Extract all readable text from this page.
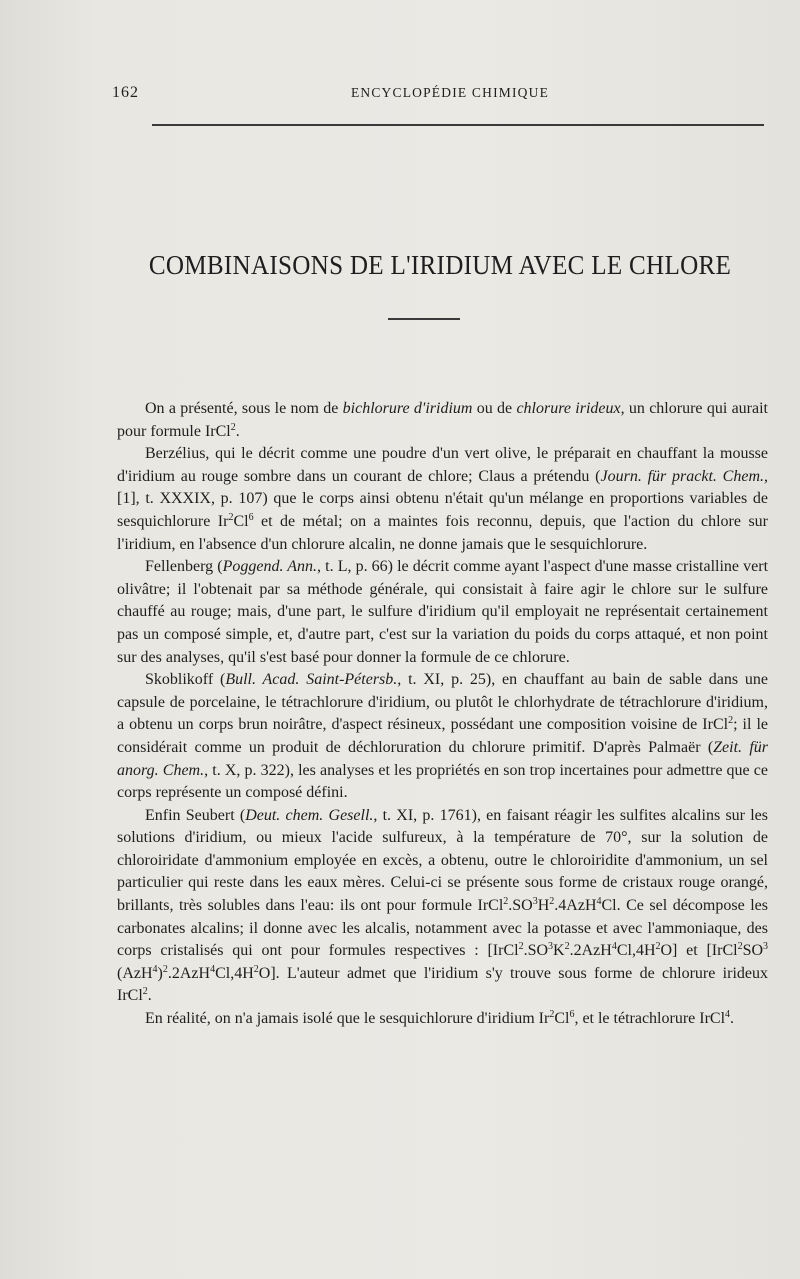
162	ENCYCLOPÉDIE CHIMIQUE
COMBINAISONS DE L'IRIDIUM AVEC LE CHLORE

On a présenté, sous le nom de bichlorure d'iridium ou de chlorure irideux, un chlorure qui aurait pour formule IrCl$^2$.

Berzélius, qui le décrit comme une poudre d'un vert olive, le préparait en chauffant la mousse d'iridium au rouge sombre dans un courant de chlore; Claus a prétendu (Journ. für prackt. Chem., [1], t. XXXIX, p. 107) que le corps ainsi obtenu n'était qu'un mélange en proportions variables de sesquichlorure Ir$^2$Cl$^6$ et de métal; on a maintes fois reconnu, depuis, que l'action du chlore sur l'iridium, en l'absence d'un chlorure alcalin, ne donne jamais que le sesquichlorure.

Fellenberg (Poggend. Ann., t. L, p. 66) le décrit comme ayant l'aspect d'une masse cristalline vert olivâtre; il l'obtenait par sa méthode générale, qui consistait à faire agir le chlore sur le sulfure chauffé au rouge; mais, d'une part, le sulfure d'iridium qu'il employait ne représentait certainement pas un composé simple, et, d'autre part, c'est sur la variation du poids du corps attaqué, et non point sur des analyses, qu'il s'est basé pour donner la formule de ce chlorure.

Skoblikoff (Bull. Acad. Saint-Pétersb., t. XI, p. 25), en chauffant au bain de sable dans une capsule de porcelaine, le tétrachlorure d'iridium, ou plutôt le chlorhydrate de tétrachlorure d'iridium, a obtenu un corps brun noirâtre, d'aspect résineux, possédant une composition voisine de IrCl$^2$; il le considérait comme un produit de déchloruration du chlorure primitif. D'après Palmaër (Zeit. für anorg. Chem., t. X, p. 322), les analyses et les propriétés en son trop incertaines pour admettre que ce corps représente un composé défini.

Enfin Seubert (Deut. chem. Gesell., t. XI, p. 1761), en faisant réagir les sulfites alcalins sur les solutions d'iridium, ou mieux l'acide sulfureux, à la température de 70°, sur la solution de chloroiridate d'ammonium employée en excès, a obtenu, outre le chloroiridite d'ammonium, un sel particulier qui reste dans les eaux mères. Celui-ci se présente sous forme de cristaux rouge orangé, brillants, très solubles dans l'eau: ils ont pour formule $IrCl^2.SO^3H^2.4AzH^4Cl$. Ce sel décompose les carbonates alcalins; il donne avec les alcalis, notamment avec la potasse et avec l'ammoniaque, des corps cristalisés qui ont pour formules respectives : $[IrCl^2.SO^3K^2.2AzH^4Cl,4H^2O]$ et [$IrCl^2SO^3$ $(AzH^4)^2.2AzH^4Cl,4H^2O$]. L'auteur admet que l'iridium s'y trouve sous forme de chlorure irideux IrCl$^2$.

En réalité, on n'a jamais isolé que le sesquichlorure d'iridium Ir$^2$Cl$^6$, et le tétrachlorure IrCl$^4$.
